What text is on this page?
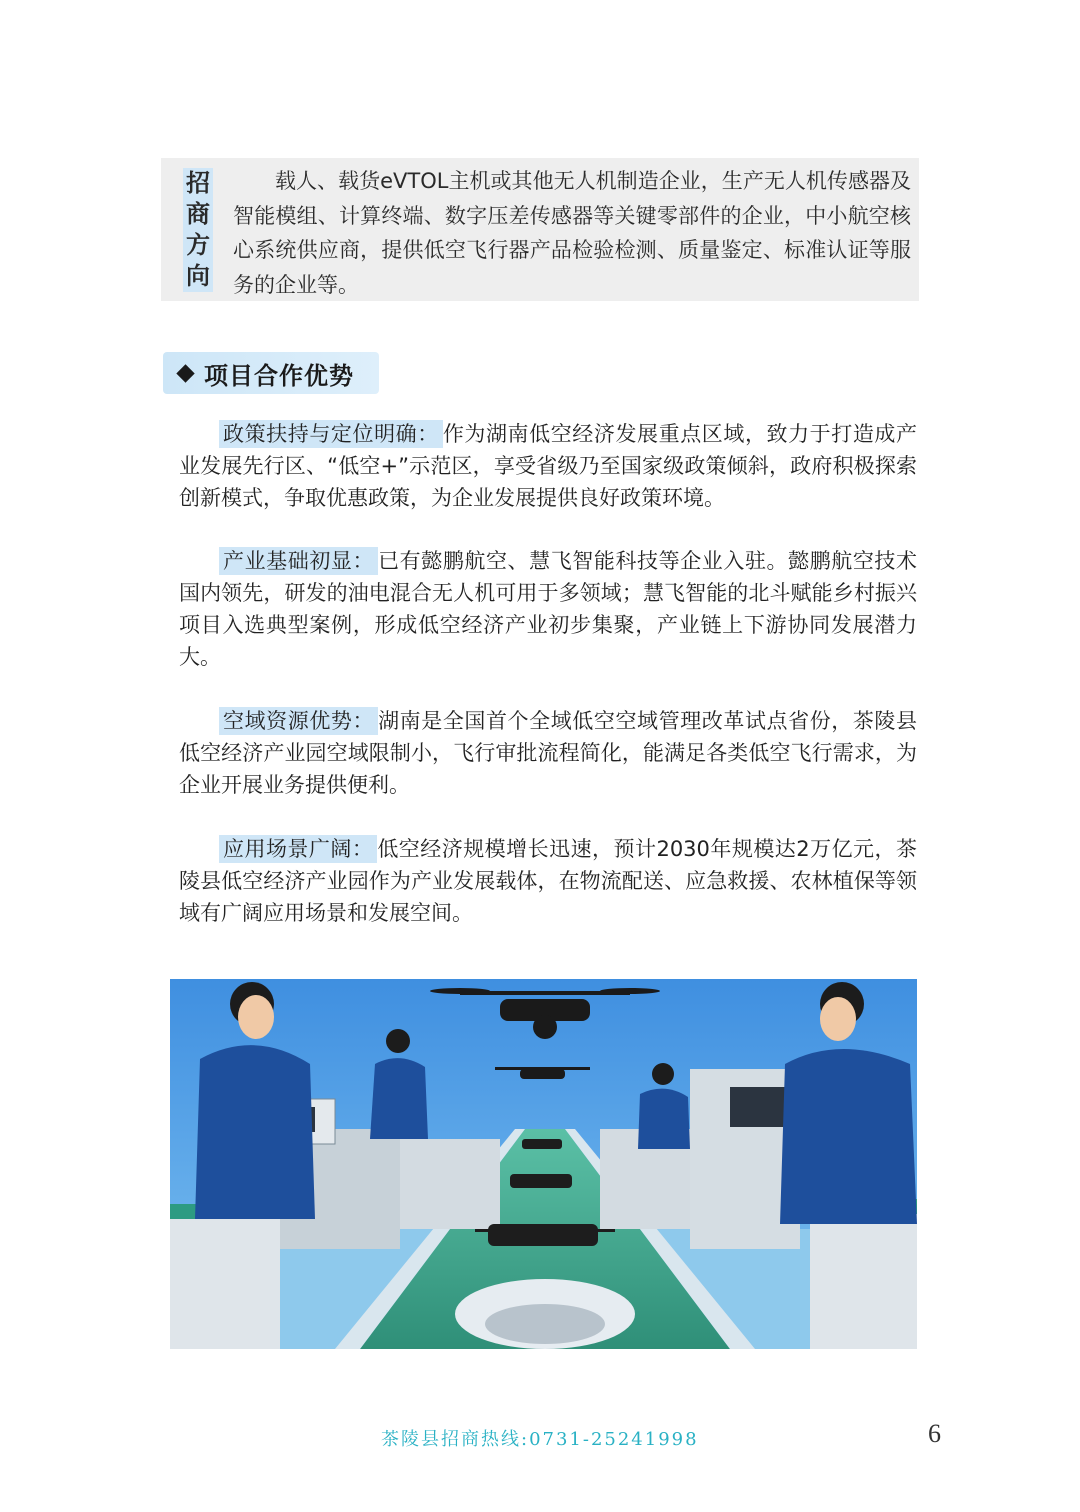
招
商
方
向
载人、载货eVTOL主机或其他无人机制造企业，生产无人机传感器及智能模组、计算终端、数字压差传感器等关键零部件的企业，中小航空核心系统供应商，提供低空飞行器产品检验检测、质量鉴定、标准认证等服务的企业等。
项目合作优势
政策扶持与定位明确： 作为湖南低空经济发展重点区域，致力于打造成产业发展先行区、“低空+”示范区，享受省级乃至国家级政策倾斜，政府积极探索创新模式，争取优惠政策，为企业发展提供良好政策环境。
产业基础初显： 已有懿鹏航空、慧飞智能科技等企业入驻。懿鹏航空技术国内领先，研发的油电混合无人机可用于多领域；慧飞智能的北斗赋能乡村振兴项目入选典型案例，形成低空经济产业初步集聚，产业链上下游协同发展潜力大。
空域资源优势： 湖南是全国首个全域低空空域管理改革试点省份，茶陵县低空经济产业园空域限制小，飞行审批流程简化，能满足各类低空飞行需求，为企业开展业务提供便利。
应用场景广阔： 低空经济规模增长迅速，预计2030年规模达2万亿元，茶陵县低空经济产业园作为产业发展载体，在物流配送、应急救援、农林植保等领域有广阔应用场景和发展空间。
茶陵县招商热线:0731-25241998	6
